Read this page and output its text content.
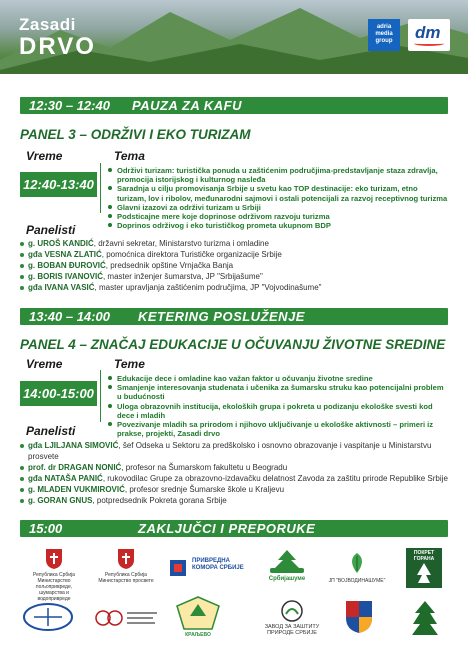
Zasadi
DRVO
adria media group	dm
12:30 – 12:40 PAUZA ZA KAFU
PANEL 3 – ODRŽIVI I EKO TURIZAM
Vreme	Tema
12:40-13:40
Održivi turizam: turistička ponuda u zaštićenim područjima-predstavljanje staza zdravlja, promocija istorijskog i kulturnog nasleđa
Saradnja u cilju promovisanja Srbije u svetu kao TOP destinacije: eko turizam, etno turizam, lov i ribolov, međunarodni sajmovi i ostali potencijali za razvoj receptivnog turizma
Glavni izazovi za održivi turizam u Srbiji
Podsticajne mere koje doprinose održivom razvoju turizma
Doprinos održivog i eko turističkog prometa ukupnom BDP
Panelisti
g. UROŠ KANDIĆ, državni sekretar, Ministarstvo turizma i omladine
gđa VESNA ZLATIĆ, pomoćnica direktora Turističke organizacije Srbije
g. BOBAN ĐUROVIĆ, predsednik opštine Vrnjačka Banja
g. BORIS IVANOVIĆ, master inženjer šumarstva, JP "Srbijašume"
gđa IVANA VASIĆ, master upravljanja zaštićenim područjima, JP "Vojvodinašume"
13:40 – 14:00 KETERING POSLUŽENJE
PANEL 4 – ZNAČAJ EDUKACIJE U OČUVANJU ŽIVOTNE SREDINE
Vreme	Teme
14:00-15:00
Edukacije dece i omladine kao važan faktor u očuvanju životne sredine
Smanjenje interesovanja studenata i učenika za šumarsku struku kao potencijalni problem u budućnosti
Uloga obrazovnih institucija, ekoloških grupa i pokreta u podizanju ekološke svesti kod dece i mladih
Povezivanje mladih sa prirodom i njihovo uključivanje u ekološke aktivnosti – primeri iz prakse, projekti, Zasadi drvo
Panelisti
gđa LJILJANA SIMOVIĆ, šef Odseka u Sektoru za predškolsko i osnovno obrazovanje i vaspitanje u Ministarstvu prosvete
prof. dr DRAGAN NONIĆ, profesor na Šumarskom fakultetu u Beogradu
gđa NATAŠA PANIĆ, rukovodilac Grupe za obrazovno-izdavačku delatnost Zavoda za zaštitu prirode Republike Srbije
g. MLADEN VUKMIROVIĆ, profesor srednje Šumarske škole u Kraljevu
g. GORAN GNUS, potpredsednik Pokreta gorana Srbije
15:00	ZAKLJUČCI I PREPORUKE
Република Србија Министарство пољопривреде, шумарства и водопривреде
Република Србија Министарство просвете
ПРИВРЕДНА КОМОРА СРБИЈЕ
Србијашуме	ЈП "ВОЈВОДИНАШУМЕ"
ПОКРЕТ ГОРАНА
КРАЉЕВО
ЗАВОД ЗА ЗАШТИТУ ПРИРОДЕ СРБИЈЕ
